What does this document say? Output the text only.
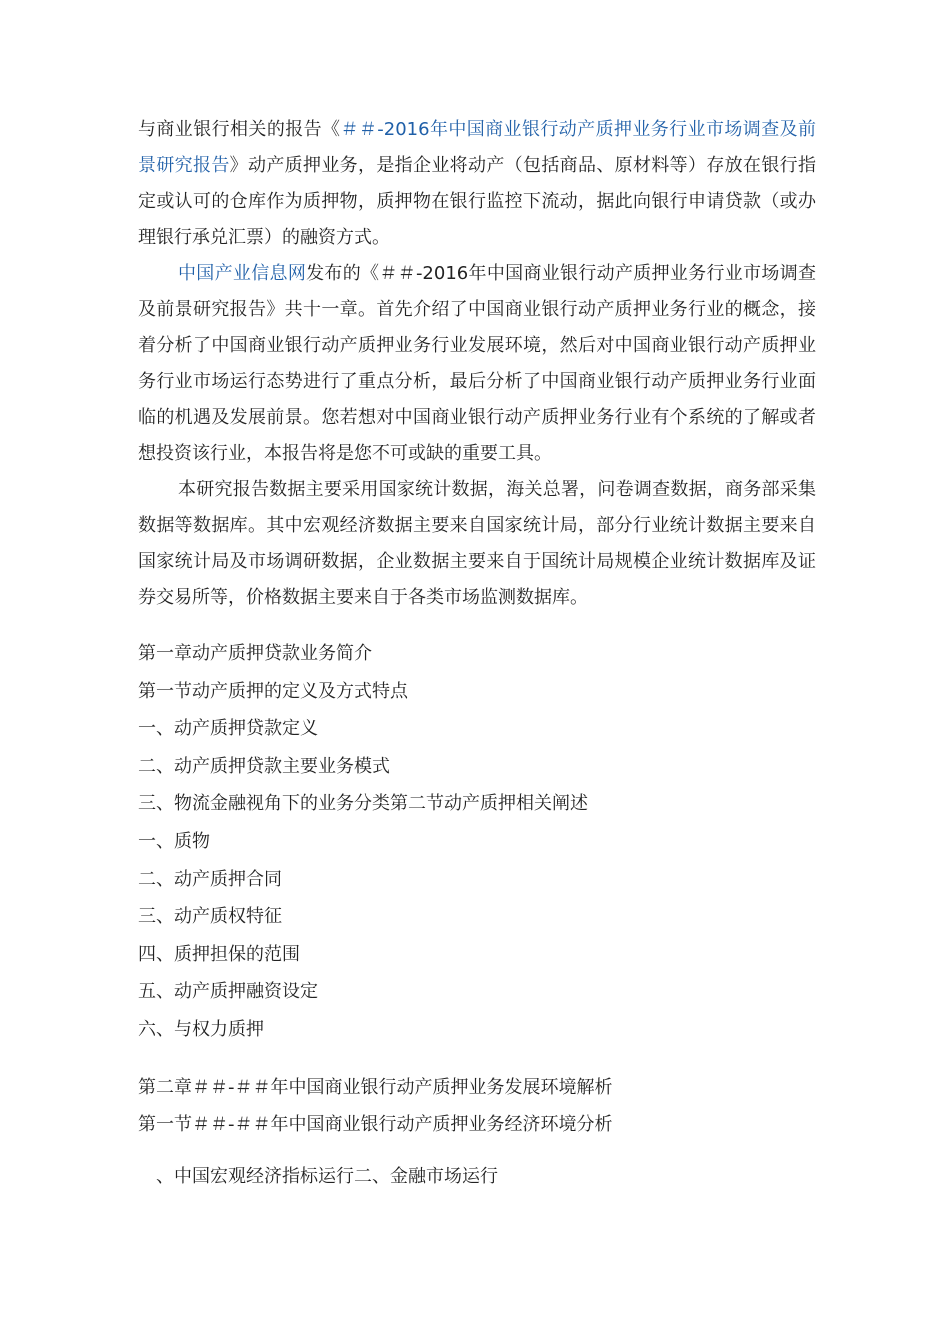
与商业银行相关的报告《＃＃-2016年中国商业银行动产质押业务行业市场调查及前景研究报告》动产质押业务，是指企业将动产（包括商品、原材料等）存放在银行指定或认可的仓库作为质押物，质押物在银行监控下流动，据此向银行申请贷款（或办理银行承兑汇票）的融资方式。

中国产业信息网发布的《＃＃-2016年中国商业银行动产质押业务行业市场调查及前景研究报告》共十一章。首先介绍了中国商业银行动产质押业务行业的概念，接着分析了中国商业银行动产质押业务行业发展环境，然后对中国商业银行动产质押业务行业市场运行态势进行了重点分析，最后分析了中国商业银行动产质押业务行业面临的机遇及发展前景。您若想对中国商业银行动产质押业务行业有个系统的了解或者想投资该行业，本报告将是您不可或缺的重要工具。

本研究报告数据主要采用国家统计数据，海关总署，问卷调查数据，商务部采集数据等数据库。其中宏观经济数据主要来自国家统计局，部分行业统计数据主要来自国家统计局及市场调研数据，企业数据主要来自于国统计局规模企业统计数据库及证券交易所等，价格数据主要来自于各类市场监测数据库。

第一章动产质押贷款业务简介

第一节动产质押的定义及方式特点

一、动产质押贷款定义

二、动产质押贷款主要业务模式

三、物流金融视角下的业务分类第二节动产质押相关阐述

一、质物

二、动产质押合同

三、动产质权特征

四、质押担保的范围

五、动产质押融资设定

六、与权力质押

第二章＃＃-＃＃年中国商业银行动产质押业务发展环境解析

第一节＃＃-＃＃年中国商业银行动产质押业务经济环境分析

、中国宏观经济指标运行二、金融市场运行
